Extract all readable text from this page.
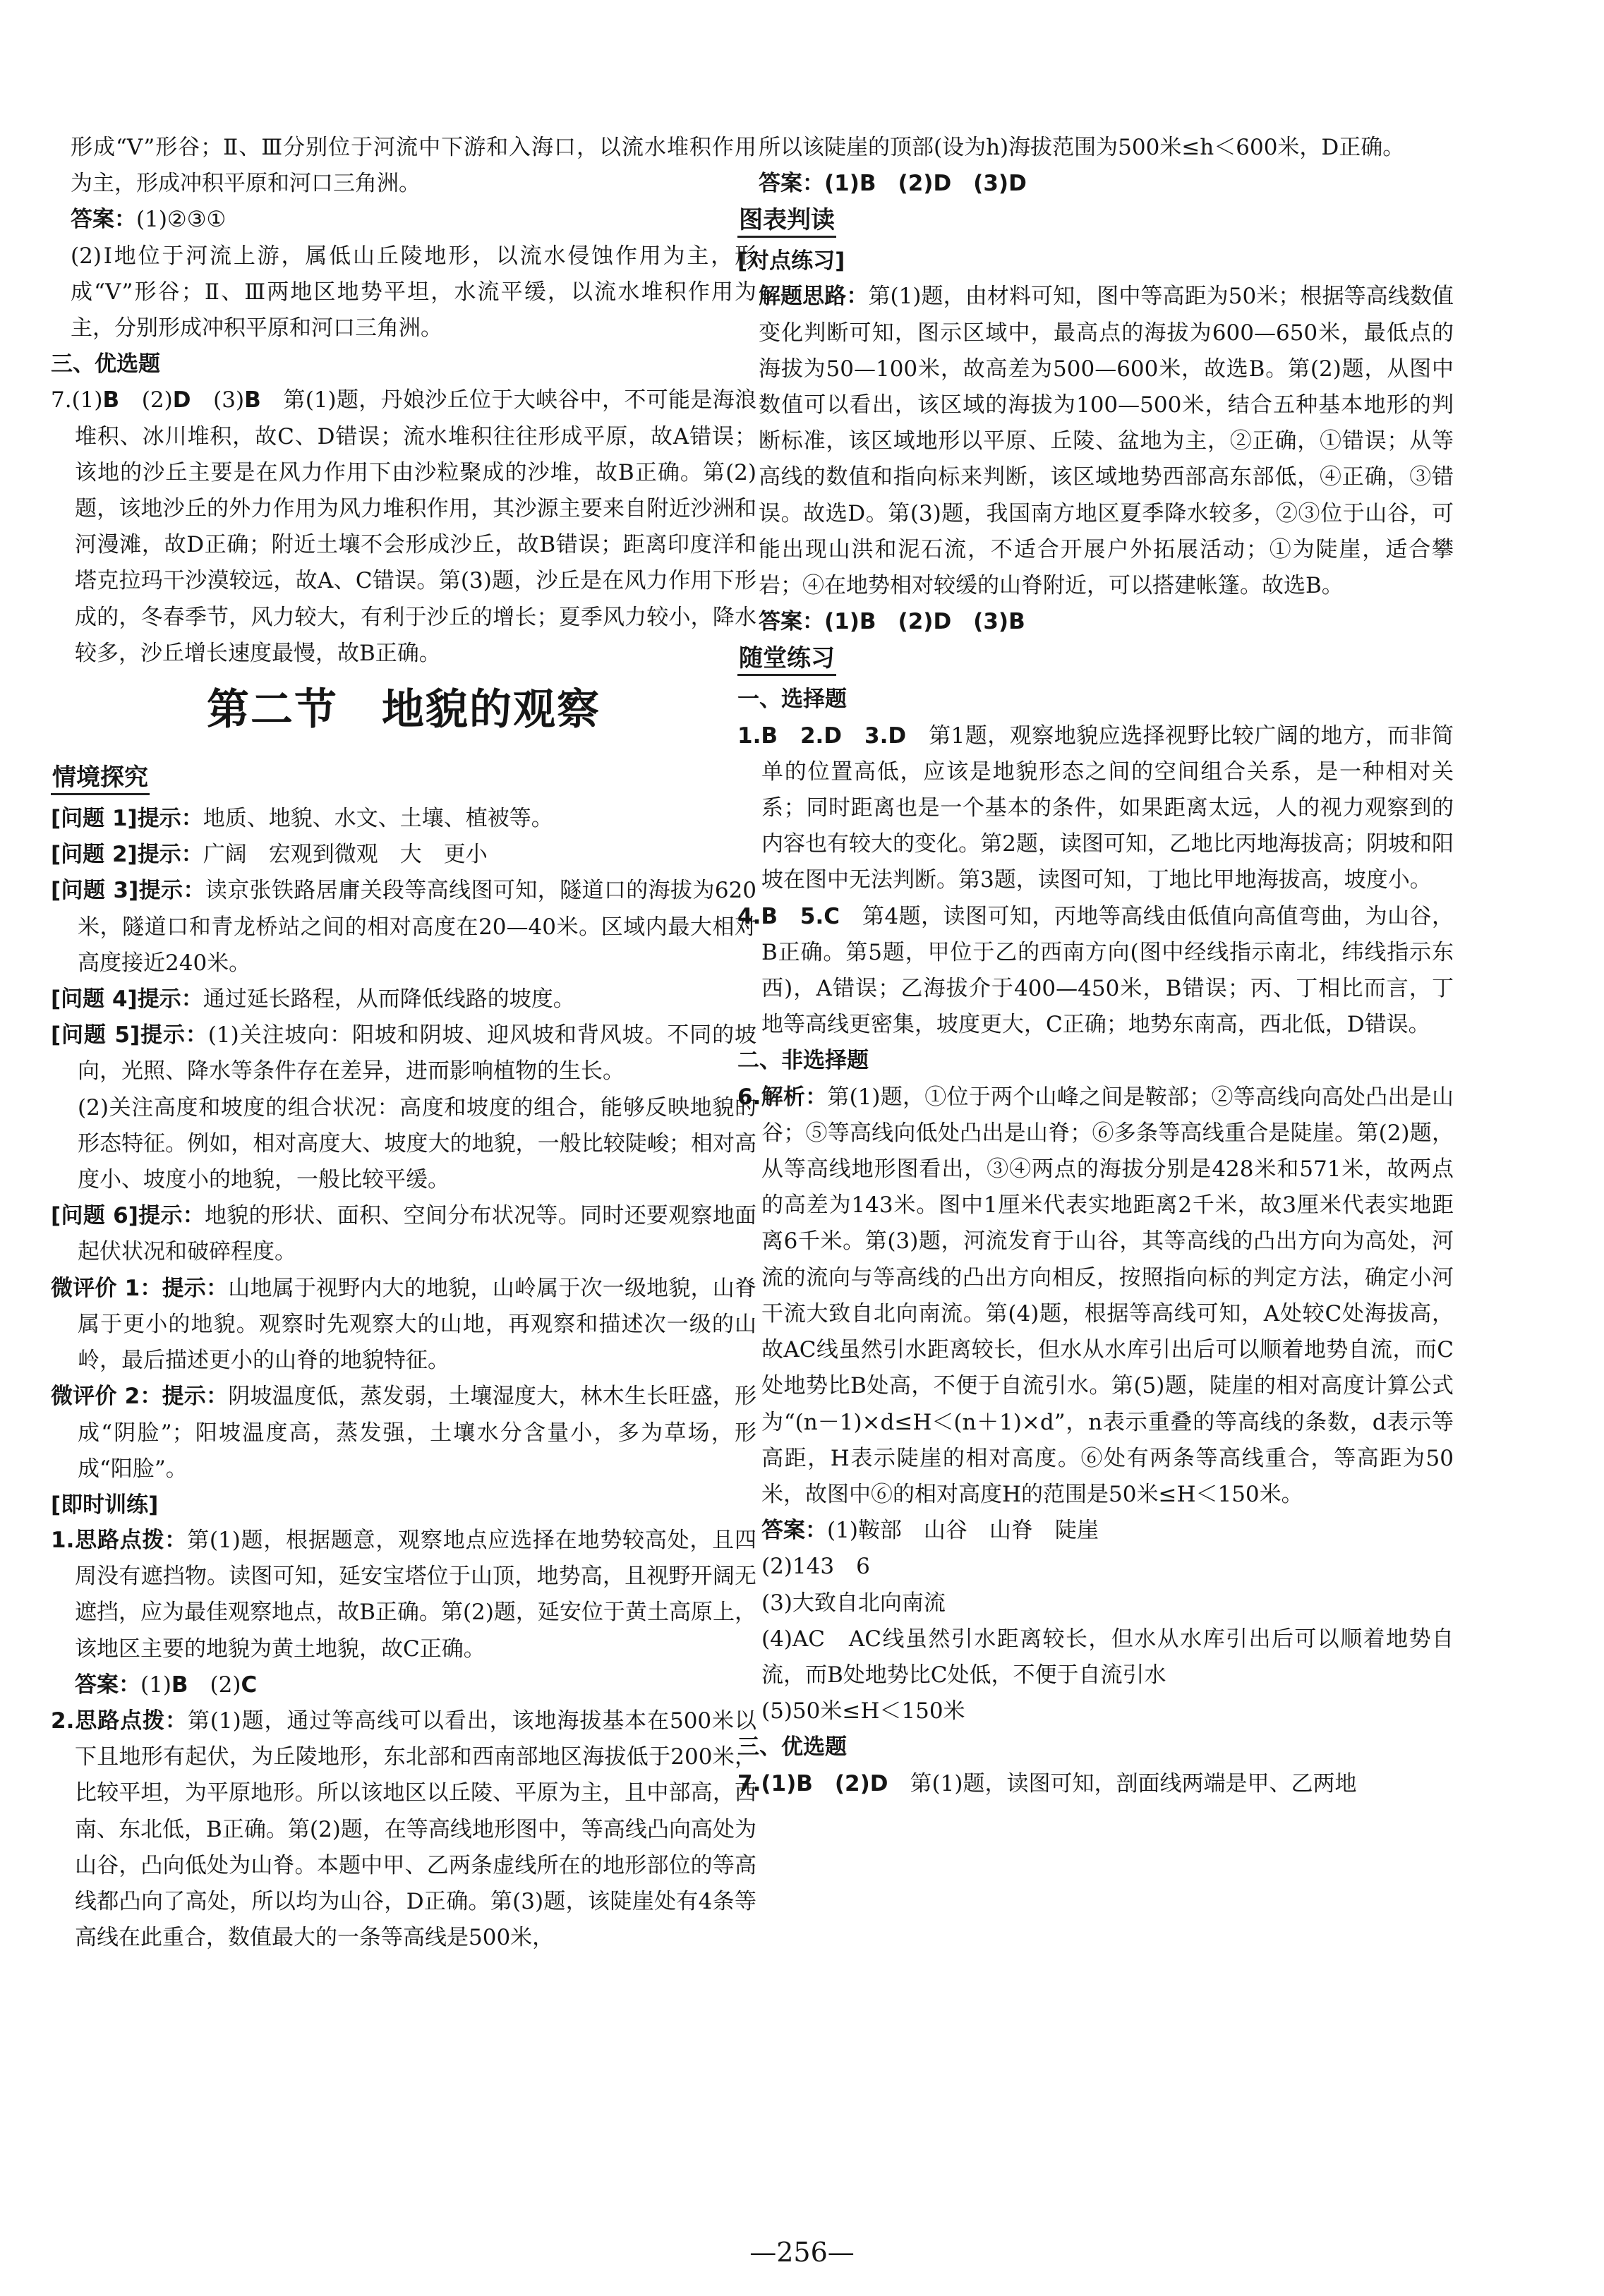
形成“V”形谷；Ⅱ、Ⅲ分别位于河流中下游和入海口，以流水堆积作用为主，形成冲积平原和河口三角洲。

答案：(1)②③①

(2)Ⅰ地位于河流上游，属低山丘陵地形，以流水侵蚀作用为主，形成“V”形谷；Ⅱ、Ⅲ两地区地势平坦，水流平缓，以流水堆积作用为主，分别形成冲积平原和河口三角洲。

三、优选题

7.(1)B　(2)D　(3)B　第(1)题，丹娘沙丘位于大峡谷中，不可能是海浪堆积、冰川堆积，故C、D错误；流水堆积往往形成平原，故A错误；该地的沙丘主要是在风力作用下由沙粒聚成的沙堆，故B正确。第(2)题，该地沙丘的外力作用为风力堆积作用，其沙源主要来自附近沙洲和河漫滩，故D正确；附近土壤不会形成沙丘，故B错误；距离印度洋和塔克拉玛干沙漠较远，故A、C错误。第(3)题，沙丘是在风力作用下形成的，冬春季节，风力较大，有利于沙丘的增长；夏季风力较小，降水较多，沙丘增长速度最慢，故B正确。

第二节　地貌的观察
情境探究

[问题 1]提示：地质、地貌、水文、土壤、植被等。

[问题 2]提示：广阔　宏观到微观　大　更小

[问题 3]提示：读京张铁路居庸关段等高线图可知，隧道口的海拔为620米，隧道口和青龙桥站之间的相对高度在20—40米。区域内最大相对高度接近240米。

[问题 4]提示：通过延长路程，从而降低线路的坡度。

[问题 5]提示：(1)关注坡向：阳坡和阴坡、迎风坡和背风坡。不同的坡向，光照、降水等条件存在差异，进而影响植物的生长。

(2)关注高度和坡度的组合状况：高度和坡度的组合，能够反映地貌的形态特征。例如，相对高度大、坡度大的地貌，一般比较陡峻；相对高度小、坡度小的地貌，一般比较平缓。

[问题 6]提示：地貌的形状、面积、空间分布状况等。同时还要观察地面起伏状况和破碎程度。

微评价 1：提示：山地属于视野内大的地貌，山岭属于次一级地貌，山脊属于更小的地貌。观察时先观察大的山地，再观察和描述次一级的山岭，最后描述更小的山脊的地貌特征。

微评价 2：提示：阴坡温度低，蒸发弱，土壤湿度大，林木生长旺盛，形成“阴脸”；阳坡温度高，蒸发强，土壤水分含量小，多为草场，形成“阳脸”。

[即时训练]

1.思路点拨：第(1)题，根据题意，观察地点应选择在地势较高处，且四周没有遮挡物。读图可知，延安宝塔位于山顶，地势高，且视野开阔无遮挡，应为最佳观察地点，故B正确。第(2)题，延安位于黄土高原上，该地区主要的地貌为黄土地貌，故C正确。

答案：(1)B　(2)C

2.思路点拨：第(1)题，通过等高线可以看出，该地海拔基本在500米以下且地形有起伏，为丘陵地形，东北部和西南部地区海拔低于200米，比较平坦，为平原地形。所以该地区以丘陵、平原为主，且中部高，西南、东北低，B正确。第(2)题，在等高线地形图中，等高线凸向高处为山谷，凸向低处为山脊。本题中甲、乙两条虚线所在的地形部位的等高线都凸向了高处，所以均为山谷，D正确。第(3)题，该陡崖处有4条等高线在此重合，数值最大的一条等高线是500米，

所以该陡崖的顶部(设为h)海拔范围为500米≤h＜600米，D正确。

答案：(1)B　(2)D　(3)D

图表判读

[对点练习]

解题思路：第(1)题，由材料可知，图中等高距为50米；根据等高线数值变化判断可知，图示区域中，最高点的海拔为600—650米，最低点的海拔为50—100米，故高差为500—600米，故选B。第(2)题，从图中数值可以看出，该区域的海拔为100—500米，结合五种基本地形的判断标准，该区域地形以平原、丘陵、盆地为主，②正确，①错误；从等高线的数值和指向标来判断，该区域地势西部高东部低，④正确，③错误。故选D。第(3)题，我国南方地区夏季降水较多，②③位于山谷，可能出现山洪和泥石流，不适合开展户外拓展活动；①为陡崖，适合攀岩；④在地势相对较缓的山脊附近，可以搭建帐篷。故选B。

答案：(1)B　(2)D　(3)B

随堂练习

一、选择题

1.B　2.D　3.D　第1题，观察地貌应选择视野比较广阔的地方，而非简单的位置高低，应该是地貌形态之间的空间组合关系，是一种相对关系；同时距离也是一个基本的条件，如果距离太远，人的视力观察到的内容也有较大的变化。第2题，读图可知，乙地比丙地海拔高；阴坡和阳坡在图中无法判断。第3题，读图可知，丁地比甲地海拔高，坡度小。

4.B　5.C　第4题，读图可知，丙地等高线由低值向高值弯曲，为山谷，B正确。第5题，甲位于乙的西南方向(图中经线指示南北，纬线指示东西)，A错误；乙海拔介于400—450米，B错误；丙、丁相比而言，丁地等高线更密集，坡度更大，C正确；地势东南高，西北低，D错误。

二、非选择题

6.解析：第(1)题，①位于两个山峰之间是鞍部；②等高线向高处凸出是山谷；⑤等高线向低处凸出是山脊；⑥多条等高线重合是陡崖。第(2)题，从等高线地形图看出，③④两点的海拔分别是428米和571米，故两点的高差为143米。图中1厘米代表实地距离2千米，故3厘米代表实地距离6千米。第(3)题，河流发育于山谷，其等高线的凸出方向为高处，河流的流向与等高线的凸出方向相反，按照指向标的判定方法，确定小河干流大致自北向南流。第(4)题，根据等高线可知，A处较C处海拔高，故AC线虽然引水距离较长，但水从水库引出后可以顺着地势自流，而C处地势比B处高，不便于自流引水。第(5)题，陡崖的相对高度计算公式为“(n－1)×d≤H＜(n＋1)×d”，n表示重叠的等高线的条数，d表示等高距，H表示陡崖的相对高度。⑥处有两条等高线重合，等高距为50米，故图中⑥的相对高度H的范围是50米≤H＜150米。

答案：(1)鞍部　山谷　山脊　陡崖

(2)143　6

(3)大致自北向南流

(4)AC　AC线虽然引水距离较长，但水从水库引出后可以顺着地势自流，而B处地势比C处低，不便于自流引水

(5)50米≤H＜150米

三、优选题

7.(1)B　(2)D　第(1)题，读图可知，剖面线两端是甲、乙两地

—256—
